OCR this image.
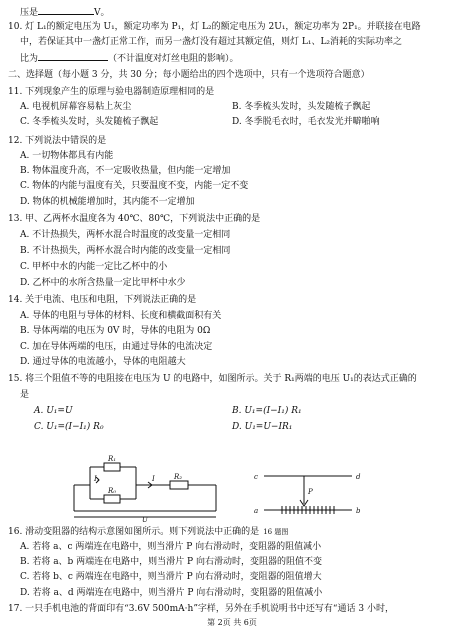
压是	V。
10. 灯 L₁的额定电压为 U₁，额定功率为 P₁，灯 L₂的额定电压为 2U₁，额定功率为 2P₁。并联接在电路
中，若保证其中一盏灯正常工作，而另一盏灯没有超过其额定值，则灯 L₁、L₂消耗的实际功率之
比为	（不计温度对灯丝电阻的影响）。
二、选择题（每小题 3 分，共 30 分；每小题给出的四个选项中，只有一个选项符合题意）
11. 下列现象产生的原理与验电器制造原理相同的是
A. 电视机屏幕容易粘上灰尘	B. 冬季梳头发时，头发随梳子飘起
C. 冬季梳头发时，头发随梳子飘起	D. 冬季脱毛衣时，毛衣发光并噼啪响
12. 下列说法中错误的是
A. 一切物体都具有内能
B. 物体温度升高，不一定吸收热量，但内能一定增加
C. 物体的内能与温度有关，只要温度不变，内能一定不变
D. 物体的机械能增加时，其内能不一定增加
13. 甲、乙两杯水温度各为 40℃、80℃，下列说法中正确的是
A. 不计热损失，两杯水混合时温度的改变量一定相同
B. 不计热损失，两杯水混合时内能的改变量一定相同
C. 甲杯中水的内能一定比乙杯中的小
D. 乙杯中的水所含热量一定比甲杯中水少
14. 关于电流、电压和电阻，下列说法正确的是
A. 导体的电阻与导体的材料、长度和横截面积有关
B. 导体两端的电压为 0V 时，导体的电阻为 0Ω
C. 加在导体两端的电压，由通过导体的电流决定
D. 通过导体的电流越小，导体的电阻越大
15. 将三个阻值不等的电阻接在电压为 U 的电路中，如图所示。关于 R₁两端的电压 U₁的表达式正确的
是
A. U₁=U	B. U₁=(I−I₁) R₁
C. U₁=(I−I₁) R₀	D. U₁=U−IR₁
R₁
I₁
R₀
I	R₂
U
c	d
a	b
P
16. 滑动变阻器的结构示意图如图所示。则下列说法中正确的是 16 题图
A. 若将 a、c 两端连在电路中，则当滑片 P 向右滑动时，变阻器的阻值减小
B. 若将 a、b 两端连在电路中，则当滑片 P 向右滑动时，变阻器的阻值不变
C. 若将 b、c 两端连在电路中，则当滑片 P 向右滑动时，变阻器的阻值增大
D. 若将 a、d 两端连在电路中，则当滑片 P 向右滑动时，变阻器的阻值减小
17. 一只手机电池的背面印有“3.6V 500mA·h”字样，另外在手机说明书中还写有“通话 3 小时，
第 2页 共 6页
